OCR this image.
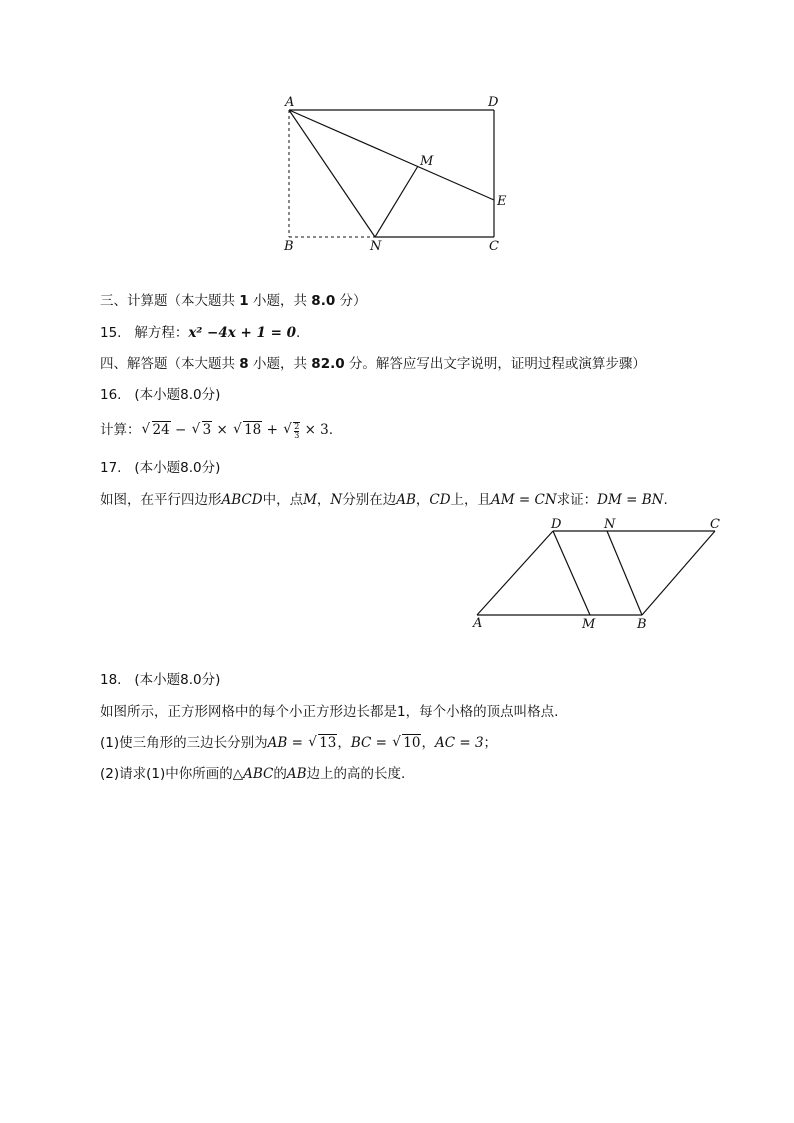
A	D
M
E
B	N	C
三、计算题（本大题共 1 小题，共 8.0 分）
15. 解方程：x² −4x + 1 = 0.
四、解答题（本大题共 8 小题，共 82.0 分。解答应写出文字说明，证明过程或演算步骤）
16. (本小题8.0分)
计算： √ 24 − √ 3 × √ 18 + √ $\frac{2}{3} \times 3$.
17. (本小题8.0分)
如图，在平行四边形ABCD中，点M，N分别在边AB，CD上，且AM = CN求证：DM = BN.
D	N	C
A	M	B
18. (本小题8.0分)
如图所示，正方形网格中的每个小正方形边长都是1，每个小格的顶点叫格点.
(1)使三角形的三边长分别为AB = √ 13，BC = √ 10，AC = 3；
(2)请求(1)中你所画的△ABC的AB边上的高的长度.
